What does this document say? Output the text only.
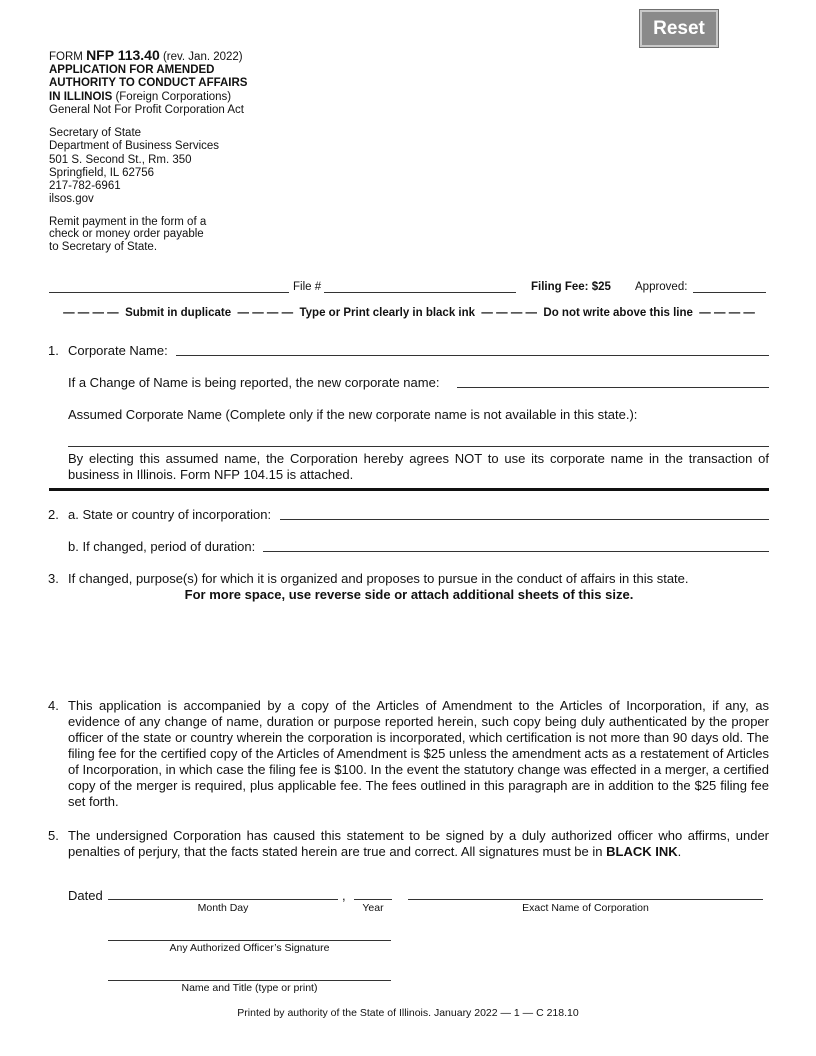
Reset
FORM NFP 113.40 (rev. Jan. 2022)
APPLICATION FOR AMENDED
AUTHORITY TO CONDUCT AFFAIRS
IN ILLINOIS (Foreign Corporations)
General Not For Profit Corporation Act
Secretary of State
Department of Business Services
501 S. Second St., Rm. 350
Springfield, IL 62756
217-782-6961
ilsos.gov
Remit payment in the form of a
check or money order payable
to Secretary of State.
File #	Filing Fee: $25 Approved:
— — — —  Submit in duplicate  — — — —  Type or Print clearly in black ink  — — — —  Do not write above this line  — — — —
1. Corporate Name:
If a Change of Name is being reported, the new corporate name:
Assumed Corporate Name (Complete only if the new corporate name is not available in this state.):
By electing this assumed name, the Corporation hereby agrees NOT to use its corporate name in the transaction of business in Illinois. Form NFP 104.15 is attached.
2. a. State or country of incorporation:
b. If changed, period of duration:
3. If changed, purpose(s) for which it is organized and proposes to pursue in the conduct of affairs in this state.
For more space, use reverse side or attach additional sheets of this size.
4. This application is accompanied by a copy of the Articles of Amendment to the Articles of Incorporation, if any, as evidence of any change of name, duration or purpose reported herein, such copy being duly authenticated by the proper officer of the state or country wherein the corporation is incorporated, which certification is not more than 90 days old. The filing fee for the certified copy of the Articles of Amendment is $25 unless the amendment acts as a restatement of Articles of Incorporation, in which case the filing fee is $100. In the event the statutory change was effected in a merger, a certified copy of the merger is required, plus applicable fee. The fees outlined in this paragraph are in addition to the $25 filing fee set forth.
5. The undersigned Corporation has caused this statement to be signed by a duly authorized officer who affirms, under penalties of perjury, that the facts stated herein are true and correct. All signatures must be in BLACK INK.
Dated	,
Month Day	Year	Exact Name of Corporation
Any Authorized Officer’s Signature
Name and Title (type or print)
Printed by authority of the State of Illinois. January 2022 — 1 — C 218.10
